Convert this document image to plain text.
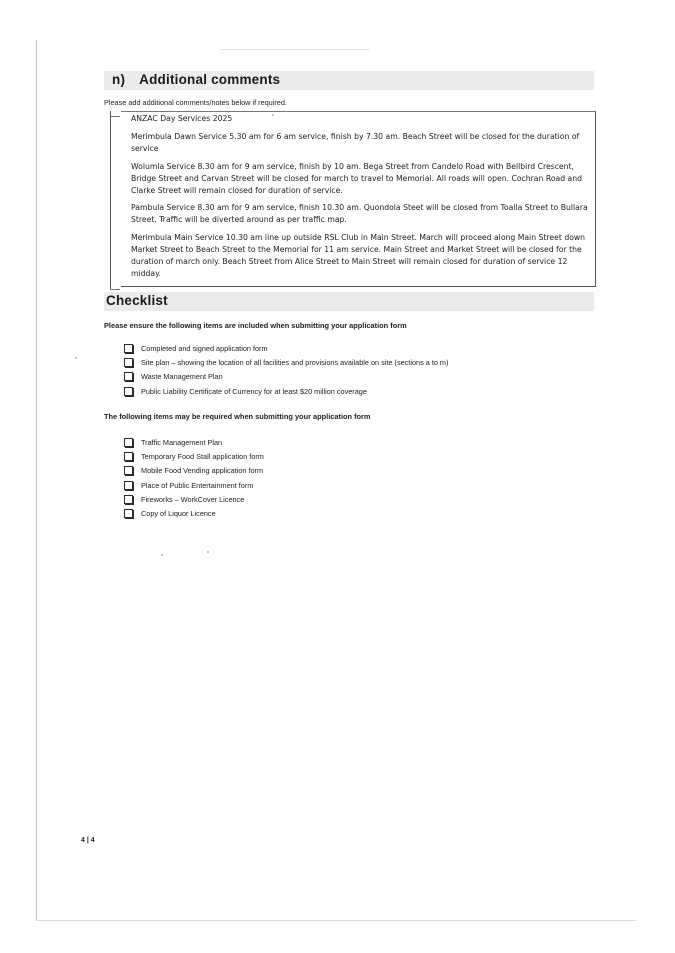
n) Additional comments
Please add additional comments/notes below if required.
ANZAC Day Services 2025

Merimbula Dawn Service 5.30 am for 6 am service, finish by 7.30 am. Beach Street will be closed for the duration of service

Wolumla Service 8.30 am for 9 am service, finish by 10 am. Bega Street from Candelo Road with Bellbird Crescent, Bridge Street and Carvan Street will be closed for march to travel to Memorial. All roads will open. Cochran Road and Clarke Street will remain closed for duration of service.

Pambula Service 8.30 am for 9 am service, finish 10.30 am. Quondola Steet will be closed from Toalla Street to Bullara Street. Traffic will be diverted around as per traffic map.

Merimbula Main Service 10.30 am line up outside RSL Club in Main Street. March will proceed along Main Street down Market Street to Beach Street to the Memorial for 11 am service. Main Street and Market Street will be closed for the duration of march only. Beach Street from Alice Street to Main Street will remain closed for duration of service 12 midday.

Checklist
Please ensure the following items are included when submitting your application form
Completed and signed application form
Site plan – showing the location of all facilities and provisions available on site (sections a to m)
Waste Management Plan
Public Liability Certificate of Currency for at least $20 million coverage
The following items may be required when submitting your application form
Traffic Management Plan
Temporary Food Stall application form
Mobile Food Vending application form
Place of Public Entertainment form
Fireworks – WorkCover Licence
Copy of Liquor Licence
4 | 4
